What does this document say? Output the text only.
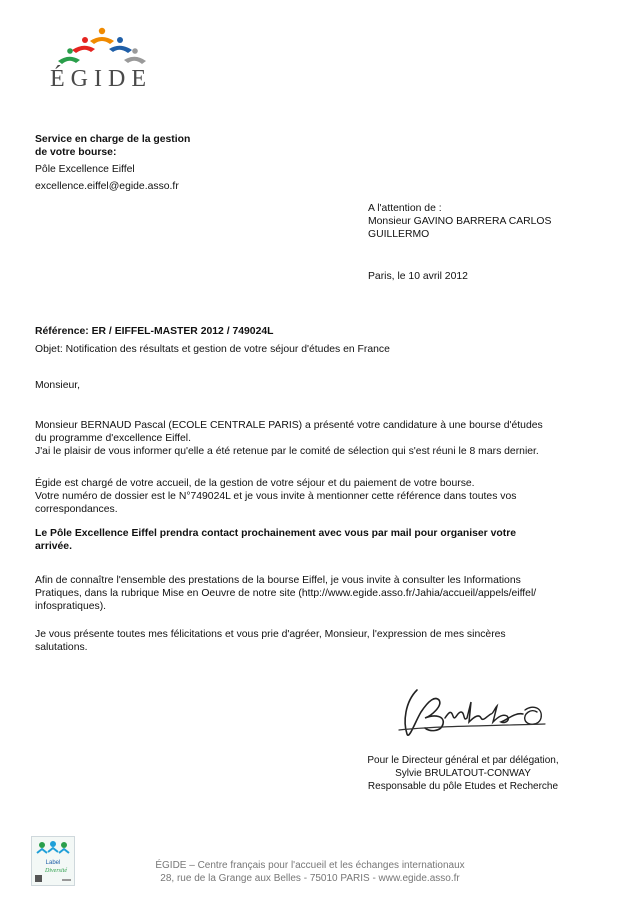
ÉGIDE
Service en charge de la gestion
de votre bourse:
Pôle Excellence Eiffel
excellence.eiffel@egide.asso.fr
A l'attention de :
Monsieur GAVINO BARRERA CARLOS
GUILLERMO
Paris, le 10 avril 2012
Référence: ER / EIFFEL-MASTER 2012 / 749024L
Objet: Notification des résultats et gestion de votre séjour d'études en France
Monsieur,
Monsieur BERNAUD Pascal (ECOLE CENTRALE PARIS) a présenté votre candidature à une bourse d'études
du programme d'excellence Eiffel.
J'ai le plaisir de vous informer qu'elle a été retenue par le comité de sélection qui s'est réuni le 8 mars dernier.
Égide est chargé de votre accueil, de la gestion de votre séjour et du paiement de votre bourse.
Votre numéro de dossier est le N°749024L et je vous invite à mentionner cette référence dans toutes vos
correspondances.
Le Pôle Excellence Eiffel prendra contact prochainement avec vous par mail pour organiser votre
arrivée.
Afin de connaître l'ensemble des prestations de la bourse Eiffel, je vous invite à consulter les Informations
Pratiques, dans la rubrique Mise en Oeuvre de notre site (http://www.egide.asso.fr/Jahia/accueil/appels/eiffel/
infospratiques).
Je vous présente toutes mes félicitations et vous prie d'agréer, Monsieur, l'expression de mes sincères
salutations.
Pour le Directeur général et par délégation,
Sylvie BRULATOUT-CONWAY
Responsable du pôle Etudes et Recherche
Label
Diversité	ÉGIDE – Centre français pour l'accueil et les échanges internationaux
28, rue de la Grange aux Belles - 75010 PARIS - www.egide.asso.fr
